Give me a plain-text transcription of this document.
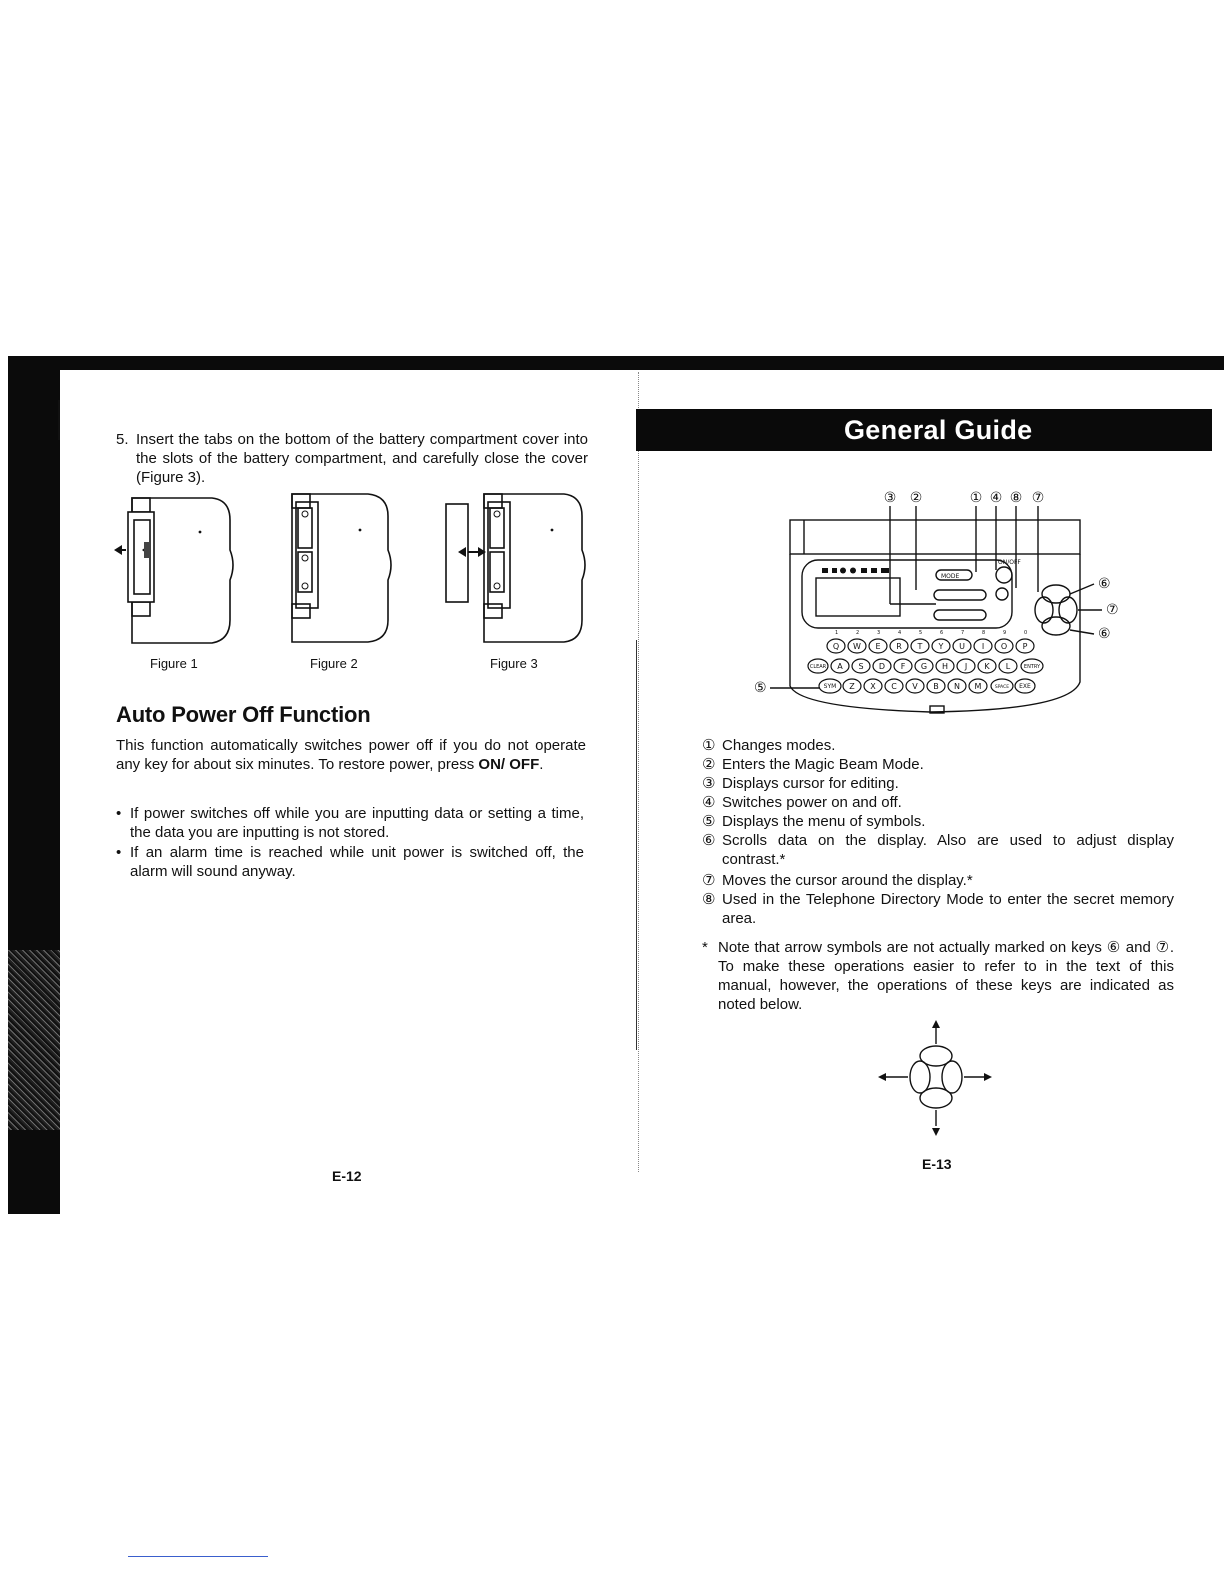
5. Insert the tabs on the bottom of the battery compartment cover into the slots of the battery compartment, and carefully close the cover (Figure 3).
Figure 1	Figure 2	Figure 3
Auto Power Off Function
This function automatically switches power off if you do not operate any key for about six minutes. To restore power, press ON/ OFF.
• If power switches off while you are inputting data or setting a time, the data you are inputting is not stored.
• If an alarm time is reached while unit power is switched off, the alarm will sound anyway.
E-12
General Guide
③ ②	① ④ ⑧ ⑦
⑥
⑦
⑥
⑤
MODE
ON/OFF
1	2	3	4	5	6	7	8	9	0
Q W E R T Y U I O P
CLEAR A S D F G H J K L	ENTRY
SYM Z X C V B N M	SPACE EXE
① Changes modes.
② Enters the Magic Beam Mode.
③ Displays cursor for editing.
④ Switches power on and off.
⑤ Displays the menu of symbols.
⑥ Scrolls data on the display. Also are used to adjust display contrast.*
⑦ Moves the cursor around the display.*
⑧ Used in the Telephone Directory Mode to enter the secret memory area.
* Note that arrow symbols are not actually marked on keys ⑥ and ⑦. To make these operations easier to refer to in the text of this manual, however, the operations of these keys are indicated as noted below.
E-13
